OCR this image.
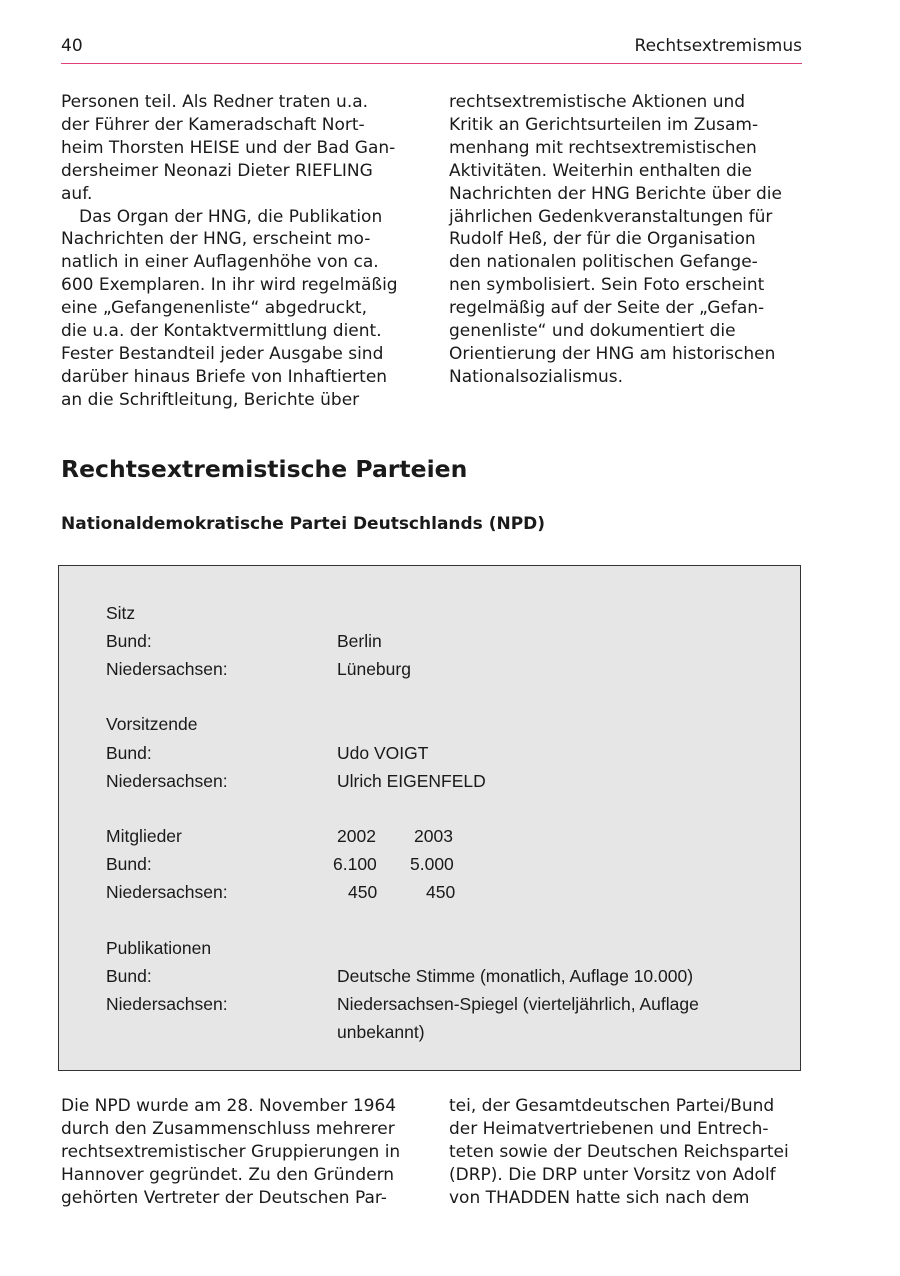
40	Rechtsextremismus

Personen teil. Als Redner traten u.a.
der Führer der Kameradschaft Nort-
heim Thorsten HEISE und der Bad Gan-
dersheimer Neonazi Dieter RIEFLING
auf.

Das Organ der HNG, die Publikation
Nachrichten der HNG, erscheint mo-
natlich in einer Auflagenhöhe von ca.
600 Exemplaren. In ihr wird regelmäßig
eine „Gefangenenliste“ abgedruckt,
die u.a. der Kontaktvermittlung dient.
Fester Bestandteil jeder Ausgabe sind
darüber hinaus Briefe von Inhaftierten
an die Schriftleitung, Berichte über

rechtsextremistische Aktionen und
Kritik an Gerichtsurteilen im Zusam-
menhang mit rechtsextremistischen
Aktivitäten. Weiterhin enthalten die
Nachrichten der HNG Berichte über die
jährlichen Gedenkveranstaltungen für
Rudolf Heß, der für die Organisation
den nationalen politischen Gefange-
nen symbolisiert. Sein Foto erscheint
regelmäßig auf der Seite der „Gefan-
genenliste“ und dokumentiert die
Orientierung der HNG am historischen
Nationalsozialismus.

Rechtsextremistische Parteien
Nationaldemokratische Partei Deutschlands (NPD)
Sitz
Bund:	Berlin
Niedersachsen:	Lüneburg
Vorsitzende
Bund:	Udo VOIGT
Niedersachsen:	Ulrich EIGENFELD
Mitglieder	2002 2003
Bund:	6.100 5.000
Niedersachsen:	450	450
Publikationen
Bund:	Deutsche Stimme (monatlich, Auflage 10.000)
Niedersachsen:	Niedersachsen-Spiegel (vierteljährlich, Auflage
unbekannt)

Die NPD wurde am 28. November 1964
durch den Zusammenschluss mehrerer
rechtsextremistischer Gruppierungen in
Hannover gegründet. Zu den Gründern
gehörten Vertreter der Deutschen Par-

tei, der Gesamtdeutschen Partei/Bund
der Heimatvertriebenen und Entrech-
teten sowie der Deutschen Reichspartei
(DRP). Die DRP unter Vorsitz von Adolf
von THADDEN hatte sich nach dem
